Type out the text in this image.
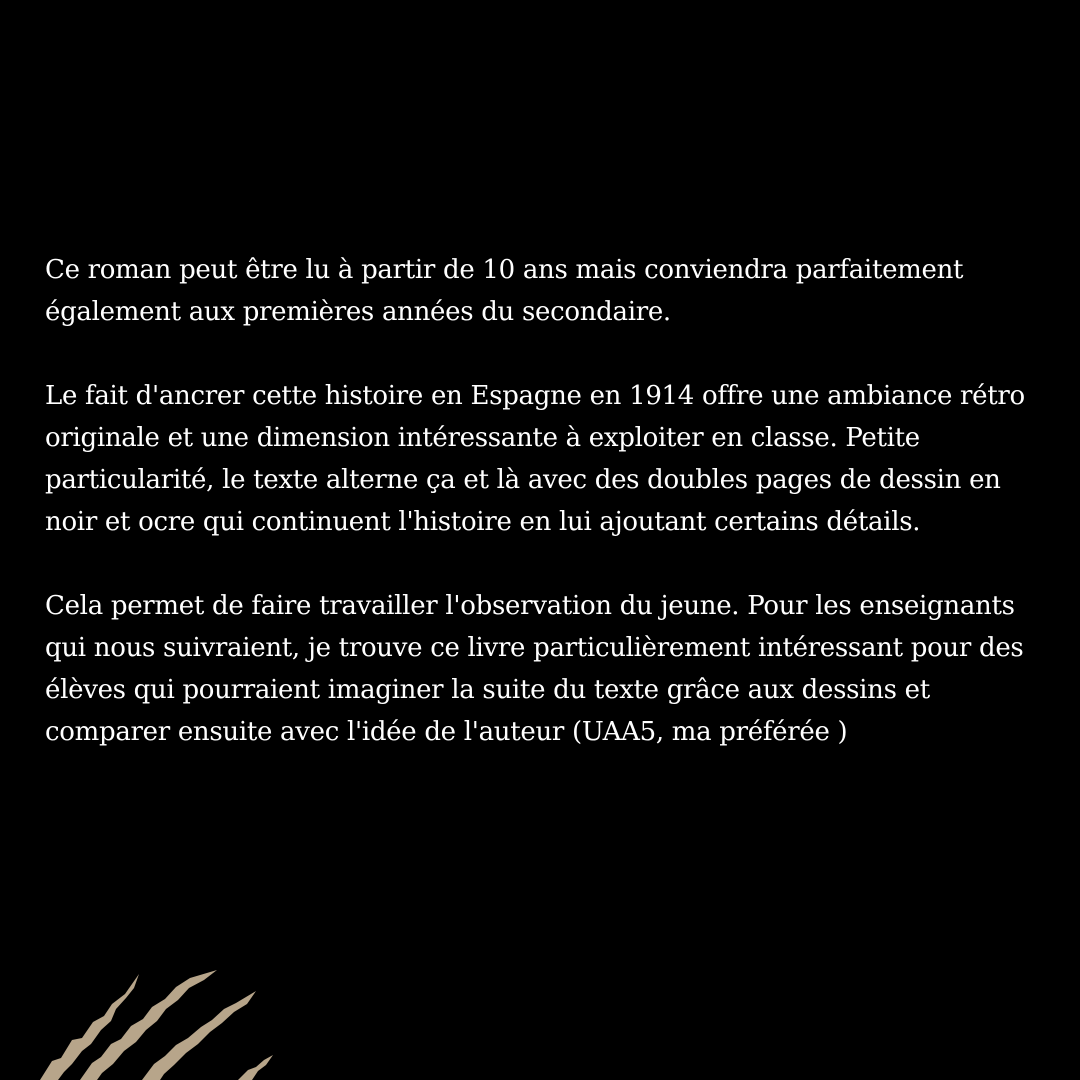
Ce roman peut être lu à partir de 10 ans mais conviendra parfaitement également aux premières années du secondaire.

Le fait d'ancrer cette histoire en Espagne en 1914 offre une ambiance rétro originale et une dimension intéressante à exploiter en classe. Petite particularité, le texte alterne ça et là avec des doubles pages de dessin en noir et ocre qui continuent l'histoire en lui ajoutant certains détails.

Cela permet de faire travailler l'observation du jeune. Pour les enseignants qui nous suivraient, je trouve ce livre particulièrement intéressant pour des élèves qui pourraient imaginer la suite du texte grâce aux dessins et comparer ensuite avec l'idée de l'auteur (UAA5, ma préférée )
